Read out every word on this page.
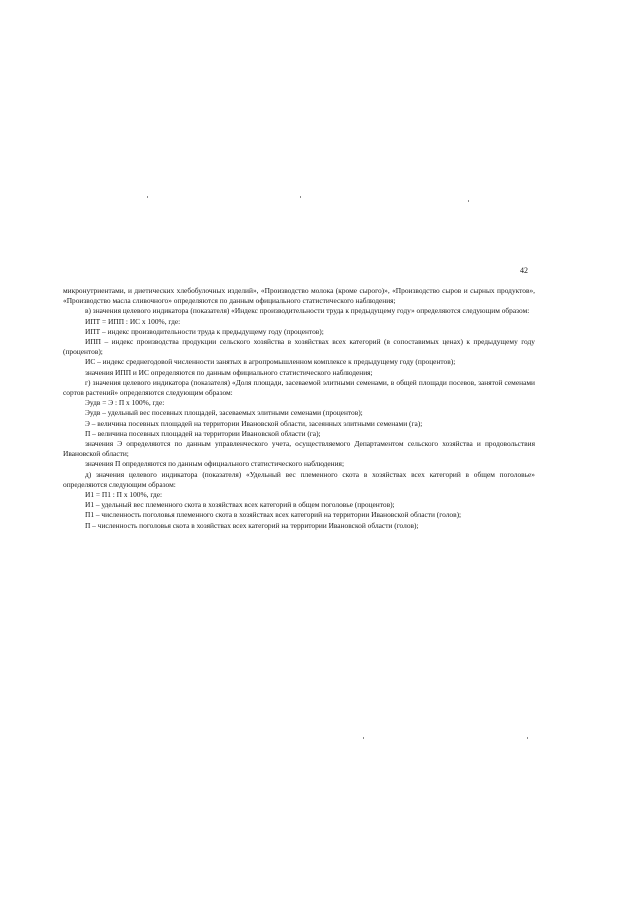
42

микронутриентами, и диетических хлебобулочных изделий», «Производство молока (кроме сырого)», «Производство сыров и сырных продуктов», «Производство масла сливочного» определяются по данным официального статистического наблюдения;

в) значения целевого индикатора (показателя) «Индекс производительности труда к предыдущему году» определяются следующим образом:

ИПТ = ИПП : ИС х 100%, где:

ИПТ – индекс производительности труда к предыдущему году (процентов);

ИПП – индекс производства продукции сельского хозяйства в хозяйствах всех категорий (в сопоставимых ценах) к предыдущему году (процентов);

ИС – индекс среднегодовой численности занятых в агропромышленном комплексе к предыдущему году (процентов);

значения ИПП и ИС определяются по данным официального статистического наблюдения;

г) значения целевого индикатора (показателя) «Доля площади, засеваемой элитными семенами, в общей площади посевов, занятой семенами сортов растений» определяются следующим образом:

Эудв = Э : П х 100%, где:

Эудв – удельный вес посевных площадей, засеваемых элитными семенами (процентов);

Э – величина посевных площадей на территории Ивановской области, засеянных элитными семенами (га);

П – величина посевных площадей на территории Ивановской области (га);

значения Э определяются по данным управленческого учета, осуществляемого Департаментом сельского хозяйства и продовольствия Ивановской области;

значения П определяются по данным официального статистического наблюдения;

д) значения целевого индикатора (показателя) «Удельный вес племенного скота в хозяйствах всех категорий в общем поголовье» определяются следующим образом:

И1 = П1 : П х 100%, где:

И1 – удельный вес племенного скота в хозяйствах всех категорий в общем поголовье (процентов);

П1 – численность поголовья племенного скота в хозяйствах всех категорий на территории Ивановской области (голов);

П – численность поголовья скота в хозяйствах всех категорий на территории Ивановской области (голов);
